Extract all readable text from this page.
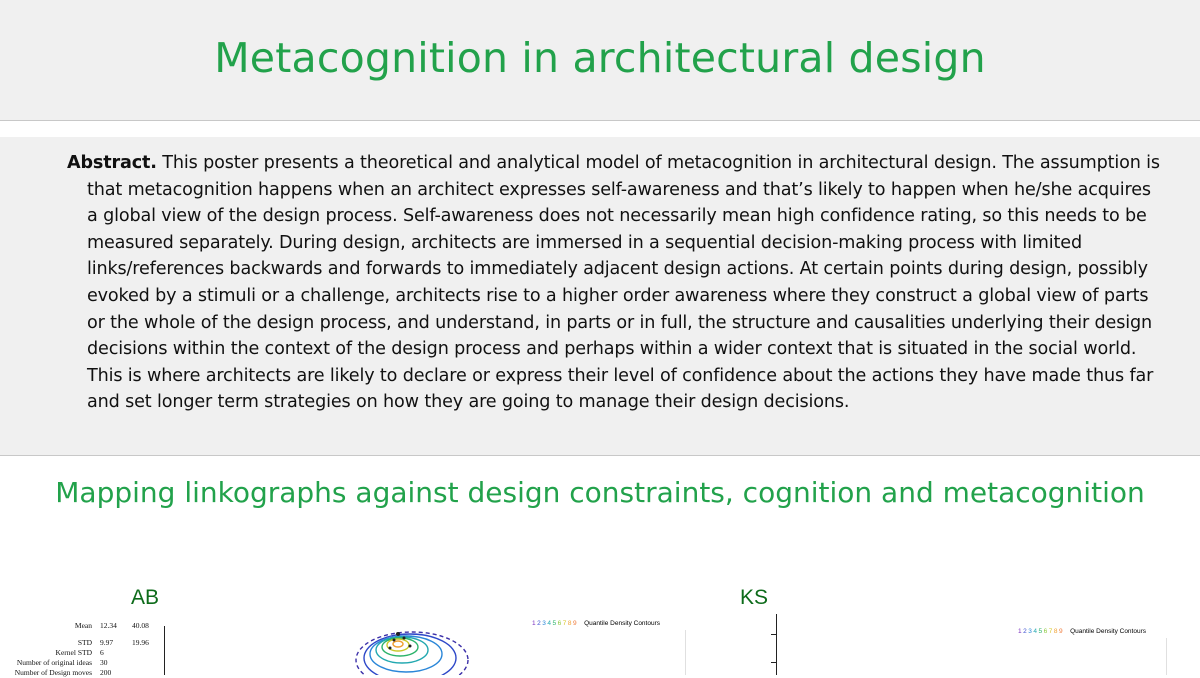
Metacognition in architectural design

Abstract. This poster presents a theoretical and analytical model of metacognition in architectural design. The assumption is that metacognition happens when an architect expresses self-awareness and that’s likely to happen when he/she acquires a global view of the design process. Self-awareness does not necessarily mean high confidence rating, so this needs to be measured separately. During design, architects are immersed in a sequential decision-making process with limited links/references backwards and forwards to immediately adjacent design actions. At certain points during design, possibly evoked by a stimuli or a challenge, architects rise to a higher order awareness where they construct a global view of parts or the whole of the design process, and understand, in parts or in full, the structure and causalities underlying their design decisions within the context of the design process and perhaps within a wider context that is situated in the social world. This is where architects are likely to declare or express their level of confidence about the actions they have made thus far and set longer term strategies on how they are going to manage their design decisions.

Mapping linkographs against design constraints, cognition and metacognition
AB
Mean 12.34 40.08
STD 9.97	19.96
Kernel STD 6
Number of original ideas 30
Number of Design moves 200
1 2 3 4 5 6 7 8 9 Quantile Density Contours
KS
1 2 3 4 5 6 7 8 9 Quantile Density Contours
